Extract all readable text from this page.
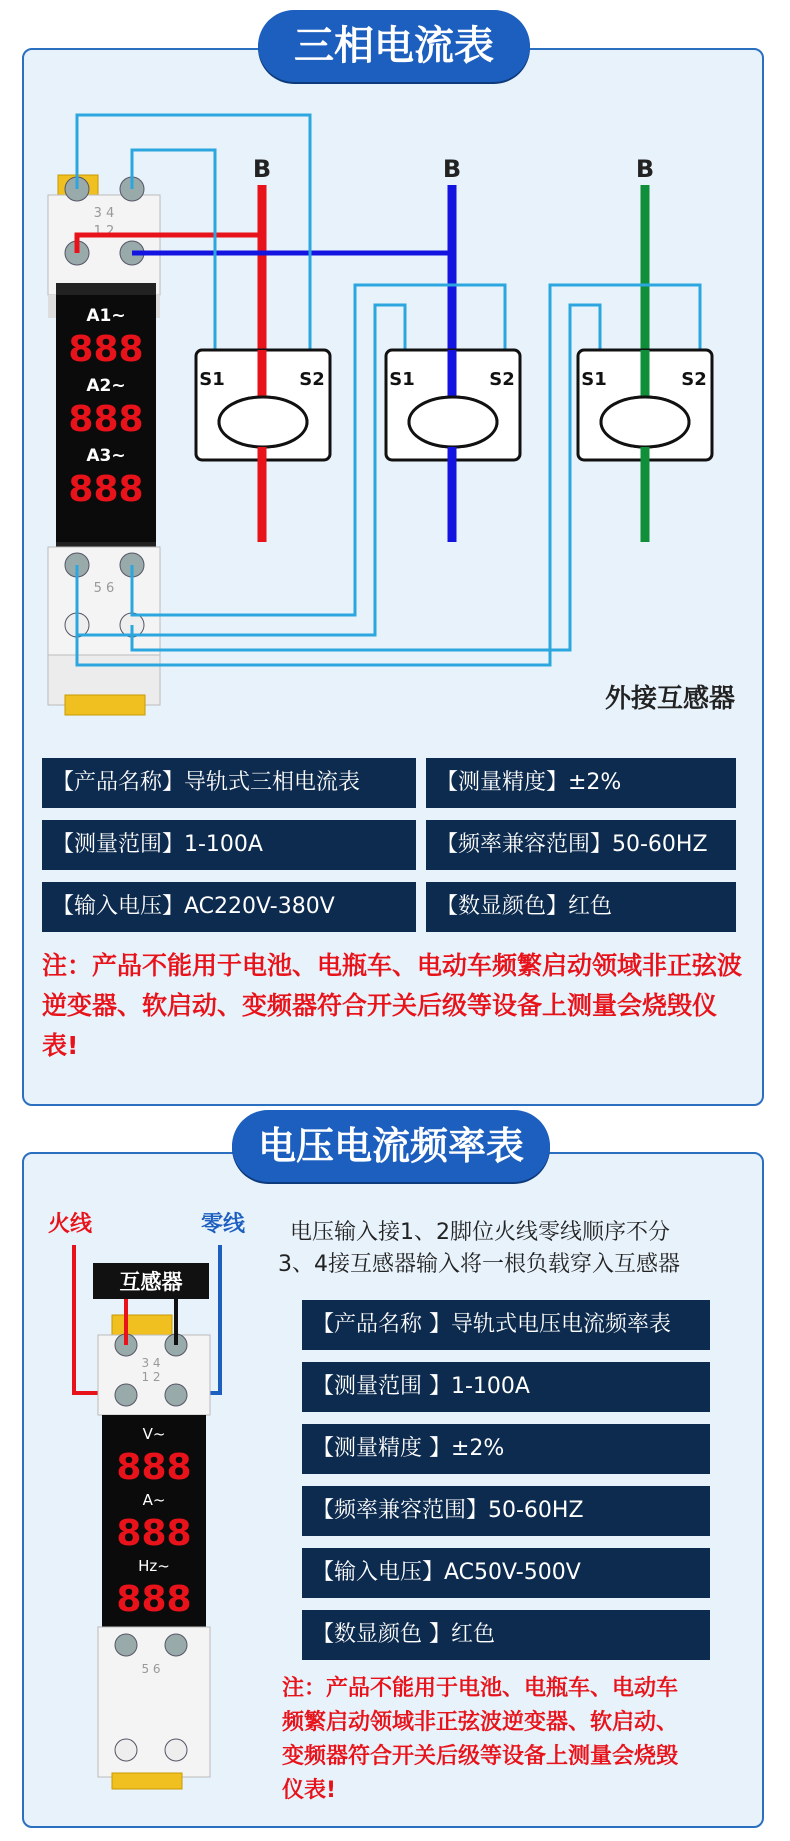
三相电流表
B	B	B
3 4
1 2
5 6
A1~
888
A2~
888
A3~
888
S1	S2	S1	S2	S1	S2
外接互感器
【产品名称】导轨式三相电流表	【测量精度】±2%
【测量范围】1-100A	【频率兼容范围】50-60HZ
【输入电压】AC220V-380V	【数显颜色】红色
注：产品不能用于电池、电瓶车、电动车频繁启动领域非正弦波逆变器、软启动、变频器符合开关后级等设备上测量会烧毁仪表!
电压电流频率表
火线	零线
3 4
1 2
5 6
互感器
V~
888
A~
888
Hz~
888
电压输入接1、2脚位火线零线顺序不分
3、4接互感器输入将一根负载穿入互感器
【产品名称 】导轨式电压电流频率表
【测量范围 】1-100A
【测量精度 】±2%
【频率兼容范围】50-60HZ
【输入电压】AC50V-500V
【数显颜色 】红色
注：产品不能用于电池、电瓶车、电动车
频繁启动领域非正弦波逆变器、软启动、
变频器符合开关后级等设备上测量会烧毁
仪表!
